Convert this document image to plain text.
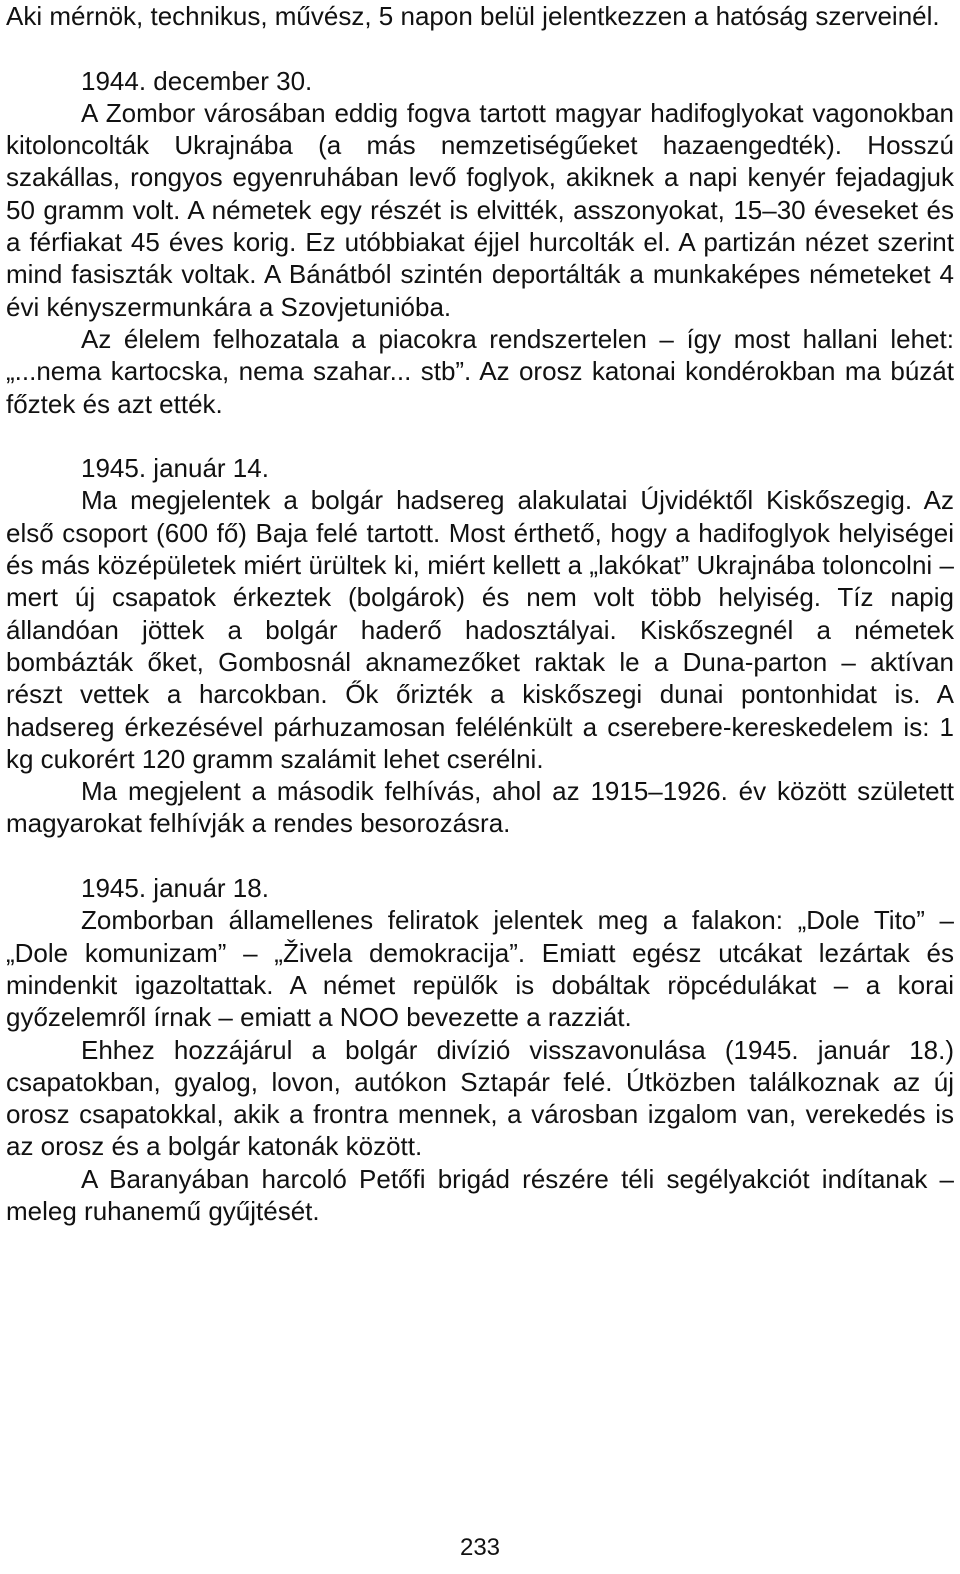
Aki mérnök, technikus, művész, 5 napon belül jelentkezzen a hatóság szerveinél.

1944. december 30.

A Zombor városában eddig fogva tartott magyar hadifoglyokat vagonokban kitoloncolták Ukrajnába (a más nemzetiségűeket hazaengedték). Hosszú szakállas, rongyos egyenruhában levő foglyok, akiknek a napi kenyér fejadagjuk 50 gramm volt. A németek egy részét is elvitték, asszonyokat, 15–30 éveseket és a férfiakat 45 éves korig. Ez utóbbiakat éjjel hurcolták el. A partizán nézet szerint mind fasiszták voltak. A Bánátból szintén deportálták a munkaképes németeket 4 évi kényszermunkára a Szovjetunióba.

Az élelem felhozatala a piacokra rendszertelen – így most hallani lehet: „...nema kartocska, nema szahar... stb”. Az orosz katonai kondérokban ma búzát főztek és azt ették.

1945. január 14.

Ma megjelentek a bolgár hadsereg alakulatai Újvidéktől Kiskőszegig. Az első csoport (600 fő) Baja felé tartott. Most érthető, hogy a hadifoglyok helyiségei és más középületek miért ürültek ki, miért kellett a „lakókat” Ukrajnába toloncolni – mert új csapatok érkeztek (bolgárok) és nem volt több helyiség. Tíz napig állandóan jöttek a bolgár haderő hadosztályai. Kiskőszegnél a németek bombázták őket, Gombosnál aknamezőket raktak le a Duna-parton – aktívan részt vettek a harcokban. Ők őrizték a kiskőszegi dunai pontonhidat is. A hadsereg érkezésével párhuzamosan felélénkült a cserebere-kereskedelem is: 1 kg cukorért 120 gramm szalámit lehet cserélni.

Ma megjelent a második felhívás, ahol az 1915–1926. év között született magyarokat felhívják a rendes besorozásra.

1945. január 18.

Zomborban államellenes feliratok jelentek meg a falakon: „Dole Tito” – „Dole komunizam” – „Živela demokracija”. Emiatt egész utcákat lezártak és mindenkit igazoltattak. A német repülők is dobáltak röpcédulákat – a korai győzelemről írnak – emiatt a NOO bevezette a razziát.

Ehhez hozzájárul a bolgár divízió visszavonulása (1945. január 18.) csapatokban, gyalog, lovon, autókon Sztapár felé. Útközben találkoznak az új orosz csapatokkal, akik a frontra mennek, a városban izgalom van, verekedés is az orosz és a bolgár katonák között.

A Baranyában harcoló Petőfi brigád részére téli segélyakciót indítanak – meleg ruhanemű gyűjtését.

233
